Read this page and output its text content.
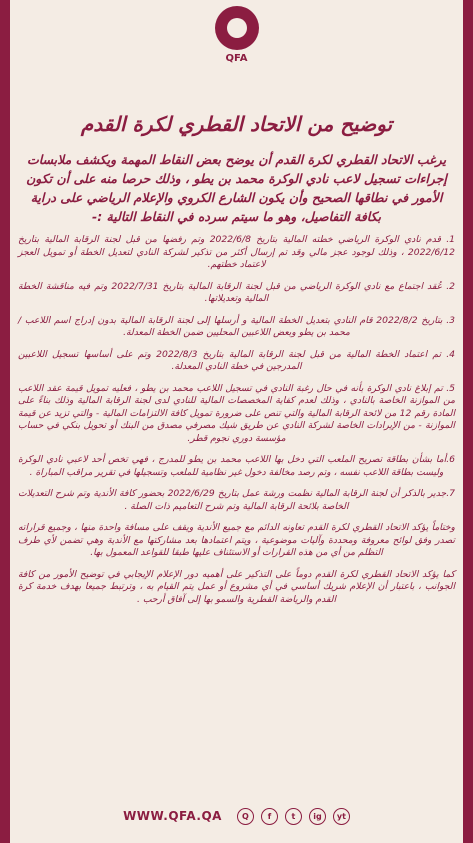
QFA
توضيح من الاتحاد القطري لكرة القدم

يرغب الاتحاد القطري لكرة القدم أن يوضح بعض النقاط المهمة ويكشف ملابسات إجراءات تسجيل لاعب نادي الوكرة محمد بن يطو ، وذلك حرصا منه على أن تكون الأمور في نطاقها الصحيح وأن يكون الشارع الكروي والإعلام الرياضي على دراية بكافة التفاصيل، وهو ما سيتم سرده في النقاط التالية :-

1. قدم نادي الوكرة الرياضي خطته المالية بتاريخ 2022/6/8 وتم رفضها من قبل لجنة الرقابة المالية بتاريخ 2022/6/12 ، وذلك لوجود عجز مالي وقد تم إرسال أكثر من تذكير لشركة النادي لتعديل الخطة أو تمويل العجز لاعتماد خطتهم.

2. عُقد اجتماع مع نادي الوكرة الرياضي من قبل لجنة الرقابة المالية بتاريخ 2022/7/31 وتم فيه مناقشة الخطة المالية وتعديلاتها.

3. بتاريخ 2022/8/2 قام النادي بتعديل الخطة المالية و أرسلها إلى لجنة الرقابة المالية بدون إدراج اسم اللاعب /محمد بن يطو وبعض اللاعبين المحليين ضمن الخطة المعدلة.

4. تم اعتماد الخطة المالية من قبل لجنة الرقابة المالية بتاريخ 2022/8/3 وتم على أساسها تسجيل اللاعبين المدرجين في خطة النادي المعدلة.

5. تم إبلاغ نادي الوكرة بأنه في حال رغبة النادي في تسجيل اللاعب محمد بن يطو ، فعليه تمويل قيمة عقد اللاعب من الموازنة الخاصة بالنادي ، وذلك لعدم كفاية المخصصات المالية للنادي لدى لجنة الرقابة المالية وذلك بناءً على المادة رقم 12 من لائحة الرقابة المالية والتي تنص على ضرورة تمويل كافة الالتزامات المالية - والتي تزيد عن قيمة الموازنة - من الإيرادات الخاصة لشركة النادي عن طريق شيك مصرفي مصدق من البنك أو تحويل بنكي في حساب مؤسسة دوري نجوم قطر.

6.أما بشأن بطاقة تصريح الملعب التي دخل بها اللاعب محمد بن يطو للمدرج ، فهي تخص أحد لاعبي نادي الوكرة وليست بطاقة اللاعب نفسه ، وتم رصد مخالفة دخول غير نظامية للملعب وتسجيلها في تقرير مراقب المباراة .

7.جدير بالذكر أن لجنة الرقابة المالية نظمت ورشة عمل بتاريخ 2022/6/29 بحضور كافة الأندية وتم شرح التعديلات الخاصة بلائحة الرقابة المالية وتم شرح التعاميم ذات الصلة .

وختاماً يؤكد الاتحاد القطري لكرة القدم تعاونه الدائم مع جميع الأندية ويقف على مسافة واحدة منها ، وجميع قراراته تصدر وفق لوائح معروفة ومحددة وآليات موضوعية ، ويتم اعتمادها بعد مشاركتها مع الأندية وهي تضمن لأي طرف التظلم من أي من هذه القرارات أو الاستئناف عليها طبقا للقواعد المعمول بها.

كما يؤكد الاتحاد القطري لكرة القدم دوماً على التذكير على أهميه دور الإعلام الإيجابي في توضيح الأمور من كافة الجوانب ، باعتبار أن الإعلام شريك أساسي في أي مشروع أو عمل يتم القيام به ، وترتبط جميعا بهدف خدمة كرة القدم والرياضة القطرية والسمو بها إلى آفاق أرحب .

WWW.QFA.QA	Q	f	t	ig	yt
